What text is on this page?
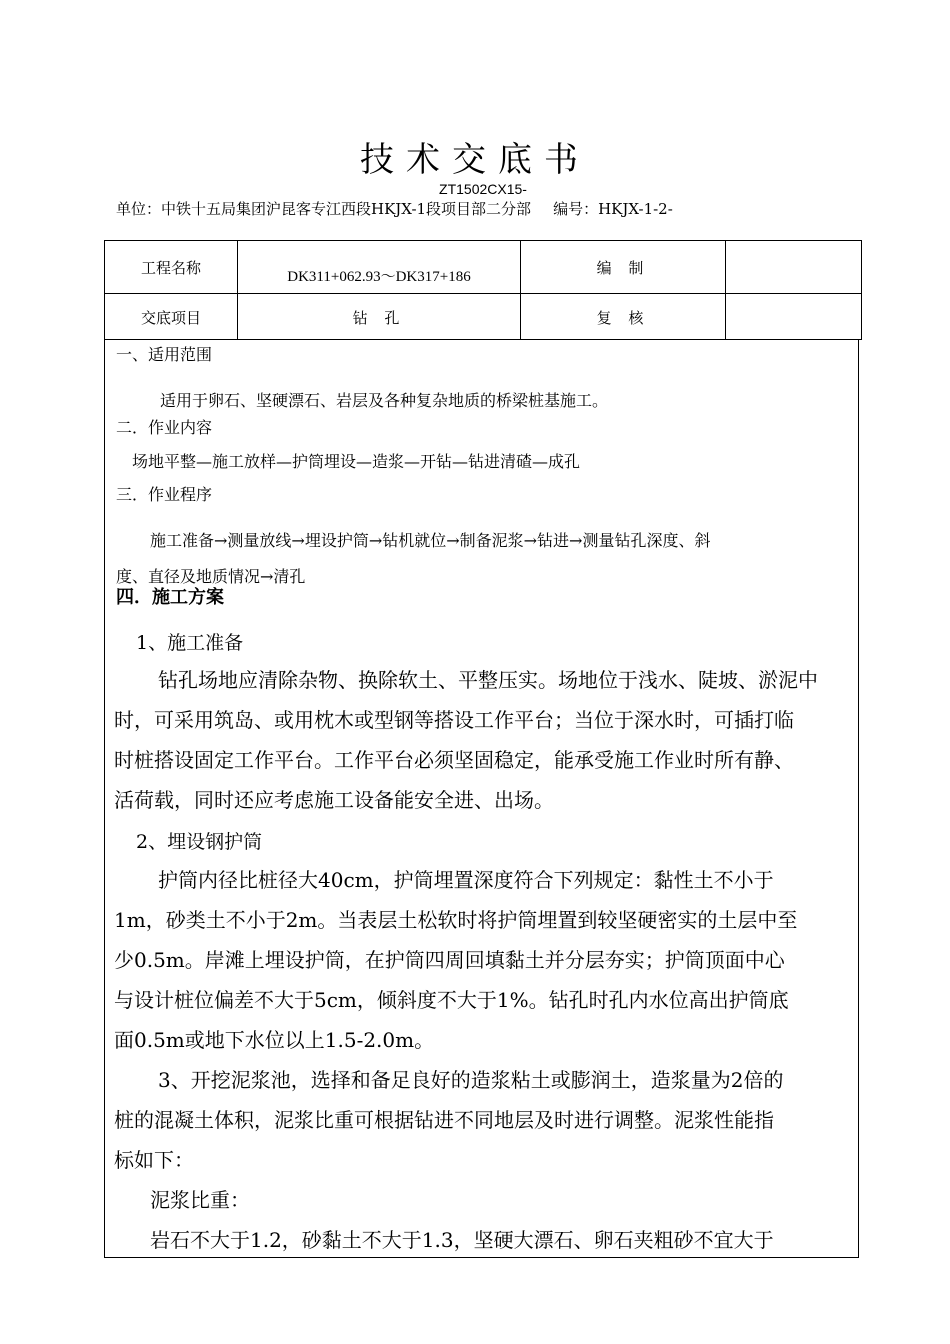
技术交底书
ZT1502CX15-
单位：中铁十五局集团沪昆客专江西段HKJX-1段项目部二分部 编号：HKJX-1-2-
工程名称	DK311+062.93～DK317+186	编 制
交底项目	钻 孔	复 核
一、适用范围
适用于卵石、坚硬漂石、岩层及各种复杂地质的桥梁桩基施工。
二．作业内容
场地平整—施工放样—护筒埋设—造浆—开钻—钻进清碴—成孔
三．作业程序
施工准备→测量放线→埋设护筒→钻机就位→制备泥浆→钻进→测量钻孔深度、斜
度、直径及地质情况→清孔
四．施工方案
1、施工准备

钻孔场地应清除杂物、换除软土、平整压实。场地位于浅水、陡坡、淤泥中

时，可采用筑岛、或用枕木或型钢等搭设工作平台；当位于深水时，可插打临

时桩搭设固定工作平台。工作平台必须坚固稳定，能承受施工作业时所有静、

活荷载，同时还应考虑施工设备能安全进、出场。

2、埋设钢护筒

护筒内径比桩径大40cm，护筒埋置深度符合下列规定：黏性土不小于

1m，砂类土不小于2m。当表层土松软时将护筒埋置到较坚硬密实的土层中至

少0.5m。岸滩上埋设护筒，在护筒四周回填黏土并分层夯实；护筒顶面中心

与设计桩位偏差不大于5cm，倾斜度不大于1%。钻孔时孔内水位高出护筒底

面0.5m或地下水位以上1.5-2.0m。

3、开挖泥浆池，选择和备足良好的造浆粘土或膨润土，造浆量为2倍的

桩的混凝土体积，泥浆比重可根据钻进不同地层及时进行调整。泥浆性能指

标如下：

泥浆比重：

岩石不大于1.2，砂黏土不大于1.3，坚硬大漂石、卵石夹粗砂不宜大于
